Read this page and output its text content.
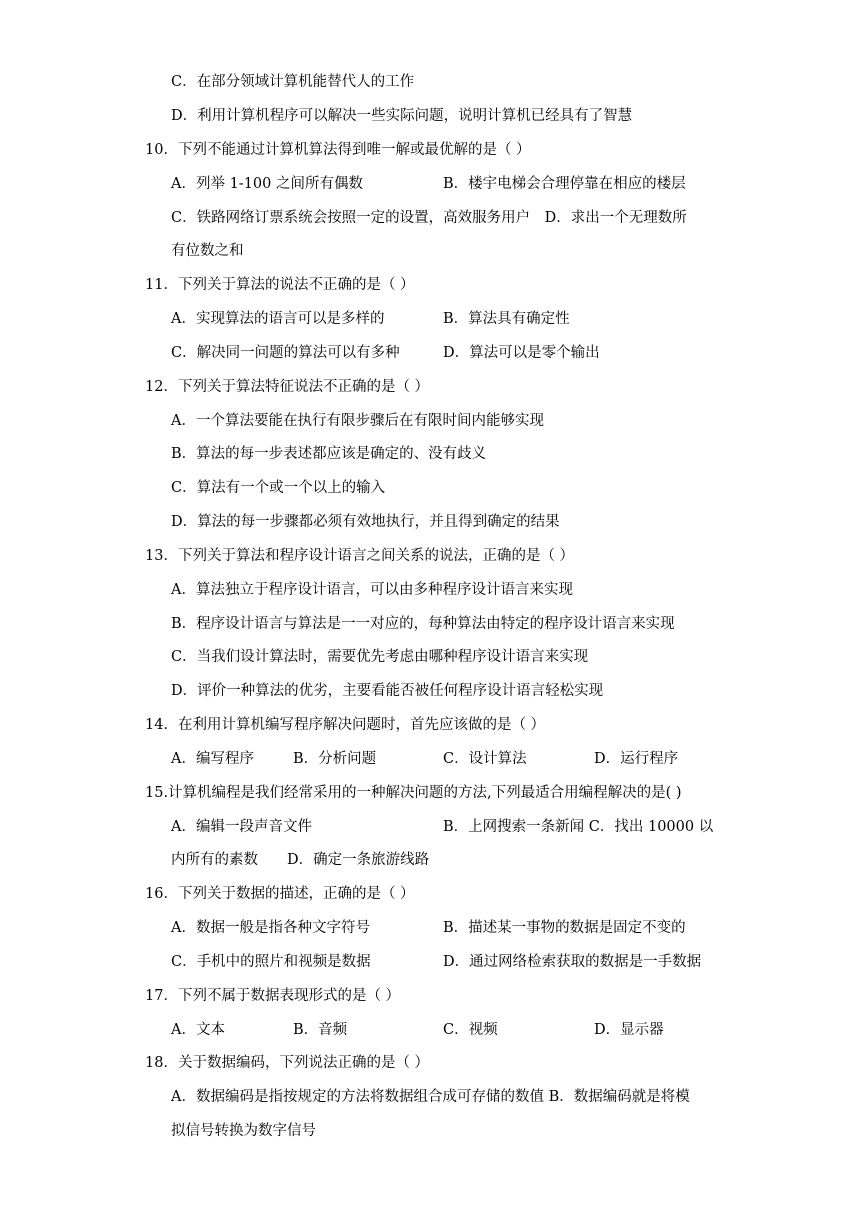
C．在部分领域计算机能替代人的工作
D．利用计算机程序可以解决一些实际问题，说明计算机已经具有了智慧
10．下列不能通过计算机算法得到唯一解或最优解的是（ ）
A．列举 1-100 之间所有偶数	B．楼宇电梯会合理停靠在相应的楼层
C．铁路网络订票系统会按照一定的设置，高效服务用户　D．求出一个无理数所
有位数之和
11．下列关于算法的说法不正确的是（ ）
A．实现算法的语言可以是多样的	B．算法具有确定性
C．解决同一问题的算法可以有多种	D．算法可以是零个输出
12．下列关于算法特征说法不正确的是（ ）
A．一个算法要能在执行有限步骤后在有限时间内能够实现
B．算法的每一步表述都应该是确定的、没有歧义
C．算法有一个或一个以上的输入
D．算法的每一步骤都必须有效地执行，并且得到确定的结果
13．下列关于算法和程序设计语言之间关系的说法，正确的是（ ）
A．算法独立于程序设计语言，可以由多种程序设计语言来实现
B．程序设计语言与算法是一一对应的，每种算法由特定的程序设计语言来实现
C．当我们设计算法时，需要优先考虑由哪种程序设计语言来实现
D．评价一种算法的优劣，主要看能否被任何程序设计语言轻松实现
14．在利用计算机编写程序解决问题时，首先应该做的是（ ）
A．编写程序	B．分析问题	C．设计算法	D．运行程序
15.计算机编程是我们经常采用的一种解决问题的方法,下列最适合用编程解决的是( )
A．编辑一段声音文件	B．上网搜索一条新闻 C．找出 10000 以
内所有的素数　　D．确定一条旅游线路
16．下列关于数据的描述，正确的是（ ）
A．数据一般是指各种文字符号	B．描述某一事物的数据是固定不变的
C．手机中的照片和视频是数据	D．通过网络检索获取的数据是一手数据
17．下列不属于数据表现形式的是（ ）
A．文本	B．音频	C．视频	D．显示器
18．关于数据编码，下列说法正确的是（ ）
A．数据编码是指按规定的方法将数据组合成可存储的数值 B．数据编码就是将模
拟信号转换为数字信号
